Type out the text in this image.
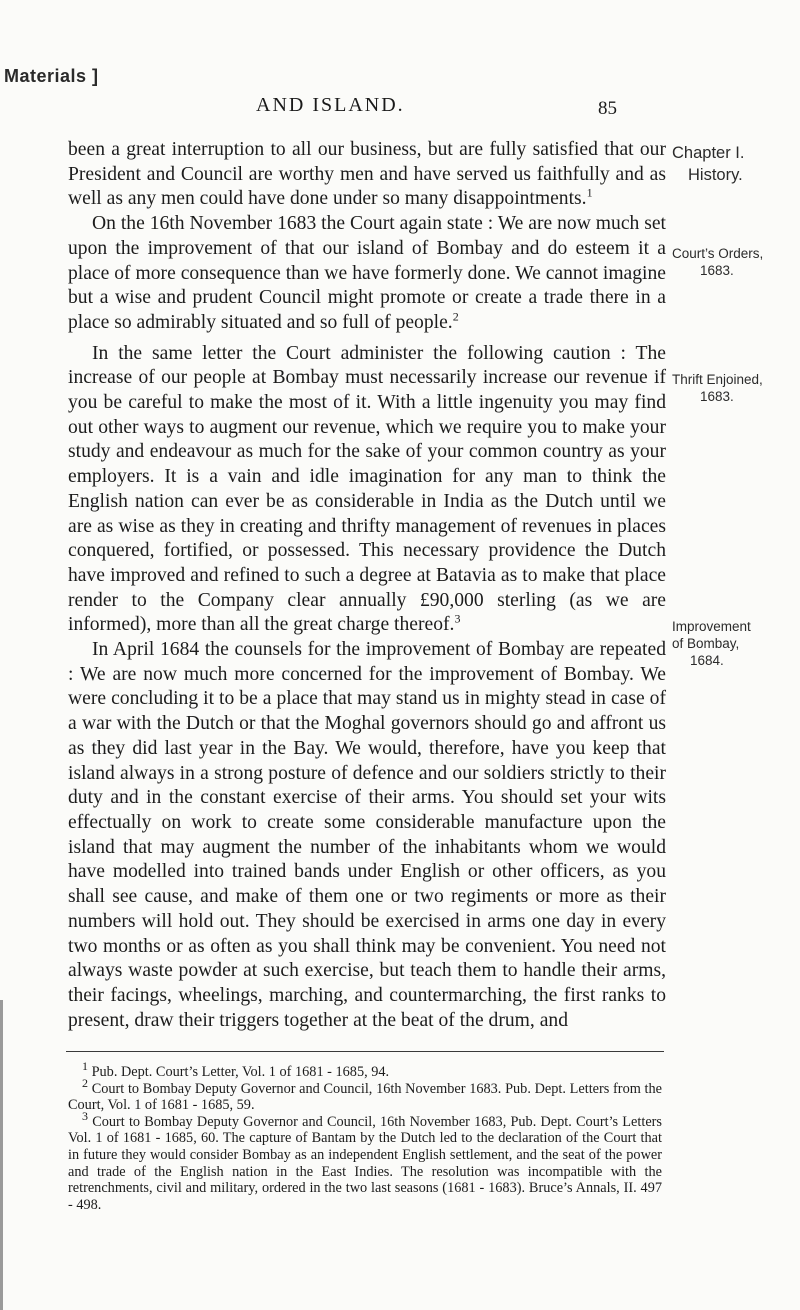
Materials ]
AND ISLAND.	85

been a great interruption to all our business, but are fully satisfied that our President and Council are worthy men and have served us faithfully and as well as any men could have done under so many disappointments.$^1$

On the 16th November 1683 the Court again state : We are now much set upon the improvement of that our island of Bombay and do esteem it a place of more consequence than we have formerly done. We cannot imagine but a wise and prudent Council might promote or create a trade there in a place so admirably situated and so full of people.$^2$

In the same letter the Court administer the following caution : The increase of our people at Bombay must necessarily increase our revenue if you be careful to make the most of it. With a little ingenuity you may find out other ways to augment our revenue, which we require you to make your study and endeavour as much for the sake of your common country as your employers. It is a vain and idle imagination for any man to think the English nation can ever be as considerable in India as the Dutch until we are as wise as they in creating and thrifty management of revenues in places conquered, fortified, or possessed. This necessary providence the Dutch have improved and refined to such a degree at Batavia as to make that place render to the Company clear annually £90,000 sterling (as we are informed), more than all the great charge thereof.$^3$

In April 1684 the counsels for the improvement of Bombay are repeated : We are now much more concerned for the improvement of Bombay. We were concluding it to be a place that may stand us in mighty stead in case of a war with the Dutch or that the Moghal governors should go and affront us as they did last year in the Bay. We would, therefore, have you keep that island always in a strong posture of defence and our soldiers strictly to their duty and in the constant exercise of their arms. You should set your wits effectually on work to create some considerable manufacture upon the island that may augment the number of the inhabitants whom we would have modelled into trained bands under English or other officers, as you shall see cause, and make of them one or two regiments or more as their numbers will hold out. They should be exercised in arms one day in every two months or as often as you shall think may be convenient. You need not always waste powder at such exercise, but teach them to handle their arms, their facings, wheelings, marching, and countermarching, the first ranks to present, draw their triggers together at the beat of the drum, and

Chapter I.
History.
Court’s Orders,
1683.
Thrift Enjoined,
1683.
Improvement
of Bombay,
1684.

$^1$ Pub. Dept. Court’s Letter, Vol. 1 of 1681 - 1685, 94.

$^2$ Court to Bombay Deputy Governor and Council, 16th November 1683. Pub. Dept. Letters from the Court, Vol. 1 of 1681 - 1685, 59.

$^3$ Court to Bombay Deputy Governor and Council, 16th November 1683, Pub. Dept. Court’s Letters Vol. 1 of 1681 - 1685, 60. The capture of Bantam by the Dutch led to the declaration of the Court that in future they would consider Bombay as an independent English settlement, and the seat of the power and trade of the English nation in the East Indies. The resolution was incompatible with the retrenchments, civil and military, ordered in the two last seasons (1681 - 1683). Bruce’s Annals, II. 497 - 498.
